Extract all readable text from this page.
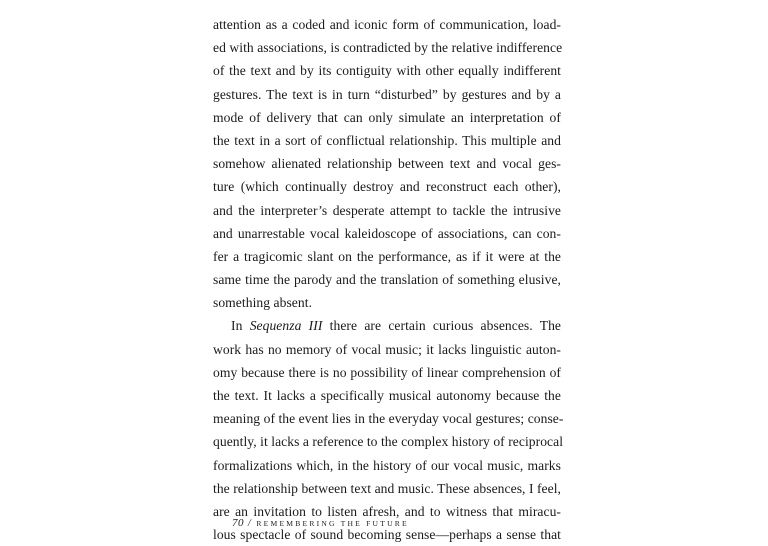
attention as a coded and iconic form of communication, load-
ed with associations, is contradicted by the relative indifference
of the text and by its contiguity with other equally indifferent
gestures. The text is in turn “disturbed” by gestures and by a
mode of delivery that can only simulate an interpretation of
the text in a sort of conflictual relationship. This multiple and
somehow alienated relationship between text and vocal ges-
ture (which continually destroy and reconstruct each other),
and the interpreter’s desperate attempt to tackle the intrusive
and unarrestable vocal kaleidoscope of associations, can con-
fer a tragicomic slant on the performance, as if it were at the
same time the parody and the translation of something elusive,
something absent.
In Sequenza III there are certain curious absences. The
work has no memory of vocal music; it lacks linguistic auton-
omy because there is no possibility of linear comprehension of
the text. It lacks a specifically musical autonomy because the
meaning of the event lies in the everyday vocal gestures; conse-
quently, it lacks a reference to the complex history of reciprocal
formalizations which, in the history of our vocal music, marks
the relationship between text and music. These absences, I feel,
are an invitation to listen afresh, and to witness that miracu-
lous spectacle of sound becoming sense—perhaps a sense that
70 / REMEMBERING THE FUTURE
